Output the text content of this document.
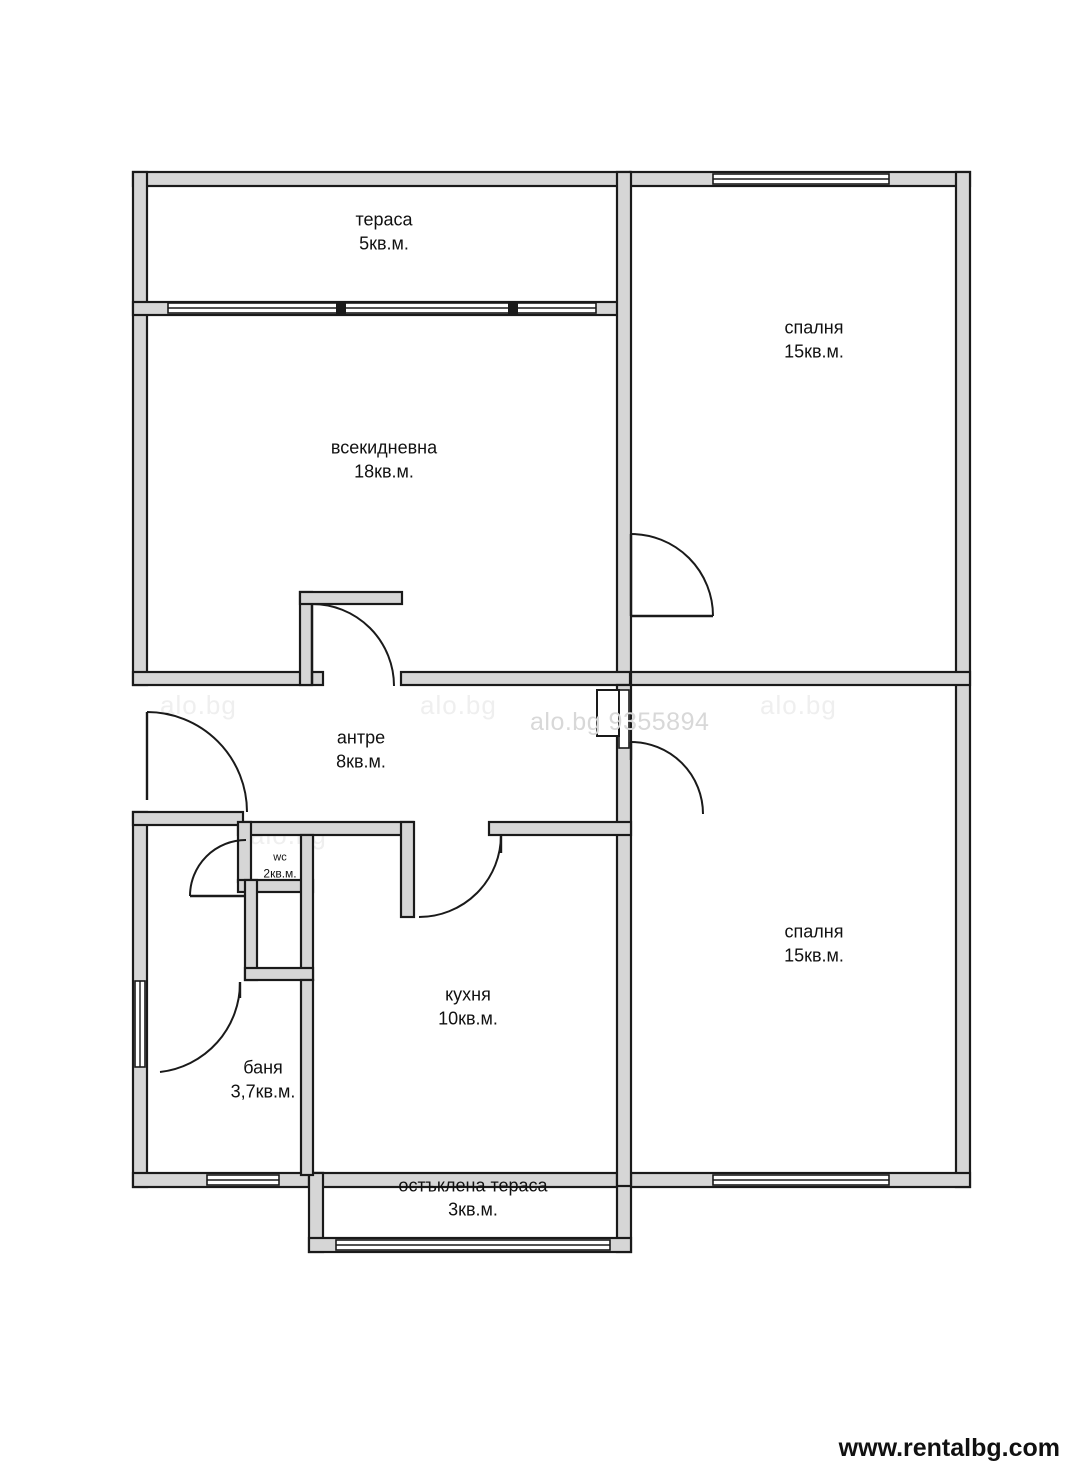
alo.bg	alo.bg	alo.bg
тераса
5кв.м.
спалня
15кв.м.
всекидневна
18кв.м.
антре
8кв.м.
wc
2кв.м.
спалня
15кв.м.
кухня
10кв.м.
баня
3,7кв.м.
остъклена тераса
3кв.м.
alo.bg 9355894
www.rentalbg.com
